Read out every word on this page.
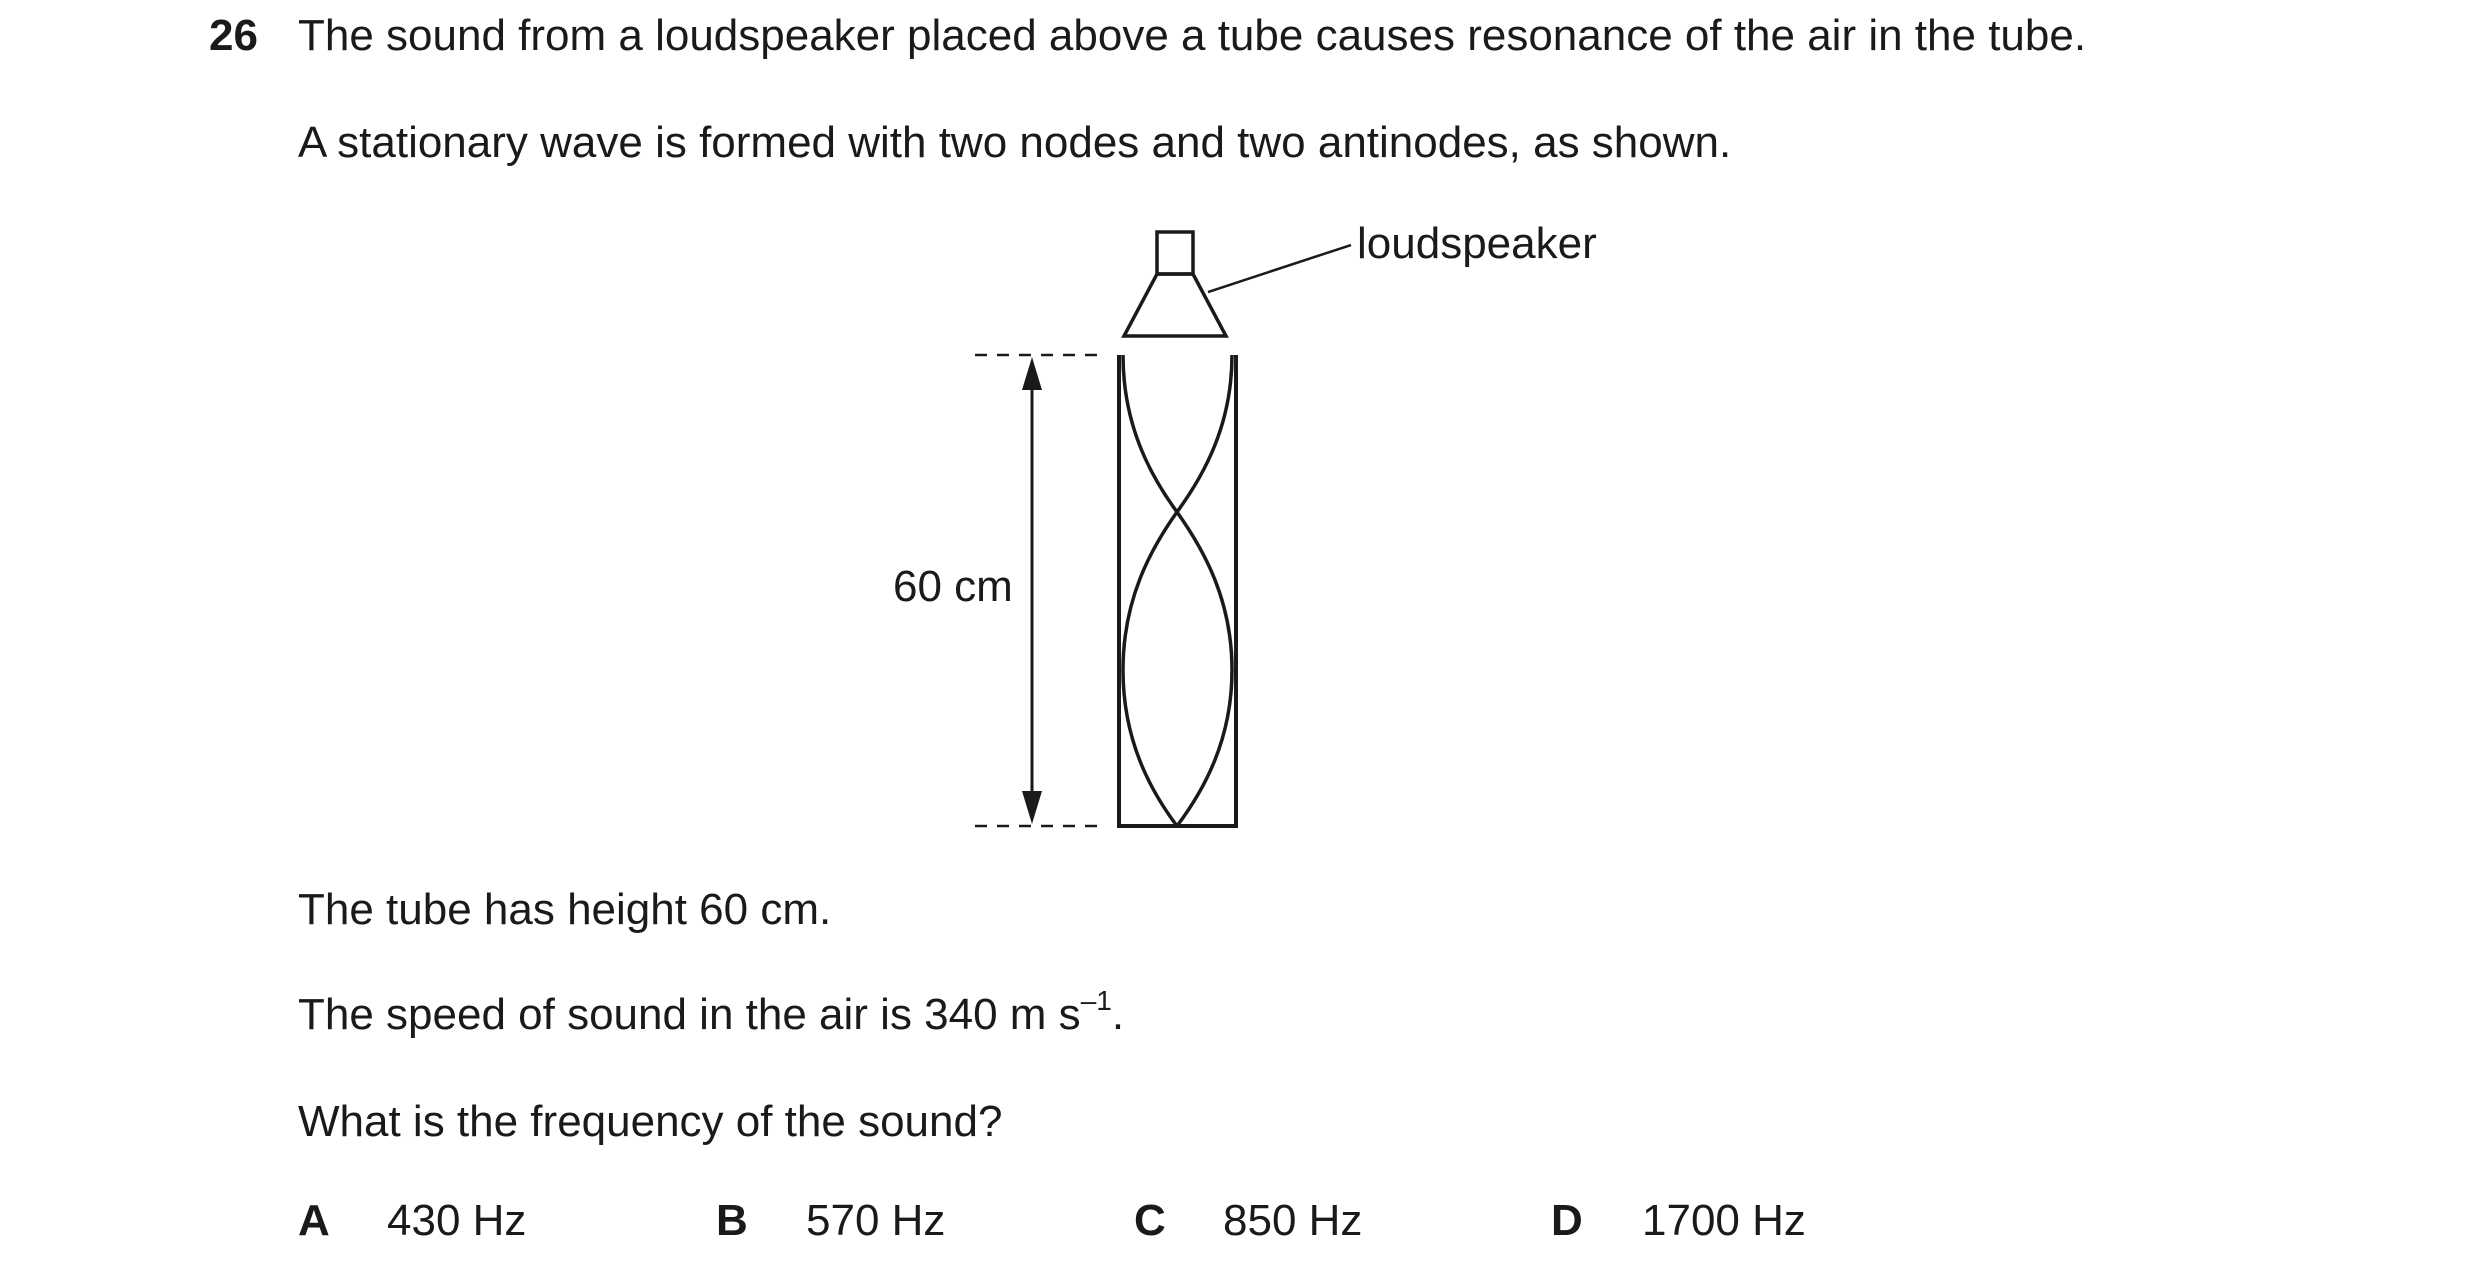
26 The sound from a loudspeaker placed above a tube causes resonance of the air in the tube.
A stationary wave is formed with two nodes and two antinodes, as shown.
loudspeaker
60 cm
The tube has height 60 cm.
The speed of sound in the air is 340 m $s^{-1}$.
What is the frequency of the sound?
A 430 Hz	B 570 Hz	C 850 Hz	D 1700 Hz
